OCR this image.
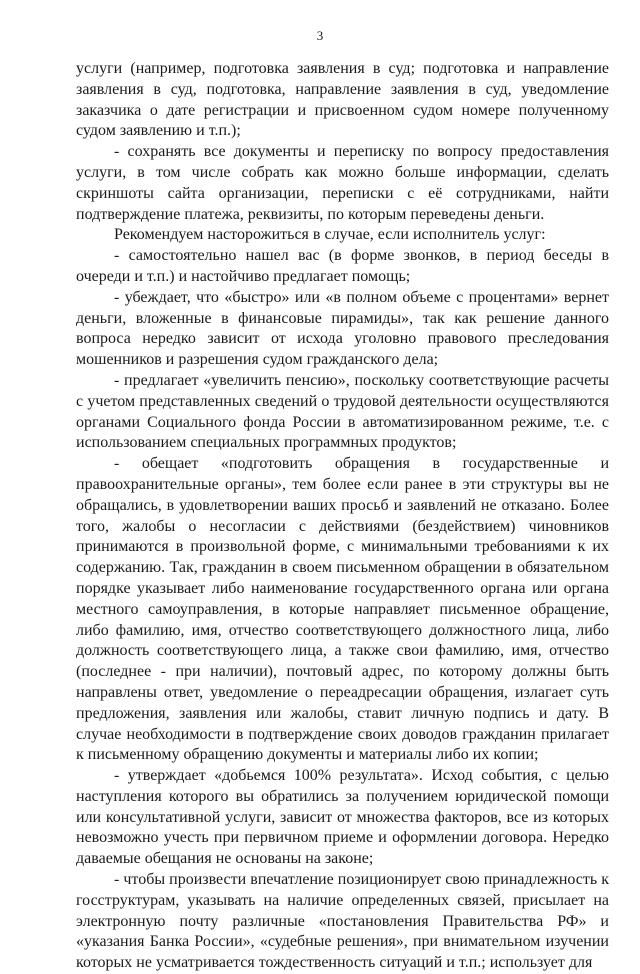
3

услуги (например, подготовка заявления в суд; подготовка и направление заявления в суд, подготовка, направление заявления в суд, уведомление заказчика о дате регистрации и присвоенном судом номере полученному судом заявлению и т.п.);

- сохранять все документы и переписку по вопросу предоставления услуги, в том числе собрать как можно больше информации, сделать скриншоты сайта организации, переписки с её сотрудниками, найти подтверждение платежа, реквизиты, по которым переведены деньги.

Рекомендуем насторожиться в случае, если исполнитель услуг:

- самостоятельно нашел вас (в форме звонков, в период беседы в очереди и т.п.) и настойчиво предлагает помощь;

- убеждает, что «быстро» или «в полном объеме с процентами» вернет деньги, вложенные в финансовые пирамиды», так как решение данного вопроса нередко зависит от исхода уголовно правового преследования мошенников и разрешения судом гражданского дела;

- предлагает «увеличить пенсию», поскольку соответствующие расчеты с учетом представленных сведений о трудовой деятельности осуществляются органами Социального фонда России в автоматизированном режиме, т.е. с использованием специальных программных продуктов;

- обещает «подготовить обращения в государственные и правоохранительные органы», тем более если ранее в эти структуры вы не обращались, в удовлетворении ваших просьб и заявлений не отказано. Более того, жалобы о несогласии с действиями (бездействием) чиновников принимаются в произвольной форме, с минимальными требованиями к их содержанию. Так, гражданин в своем письменном обращении в обязательном порядке указывает либо наименование государственного органа или органа местного самоуправления, в которые направляет письменное обращение, либо фамилию, имя, отчество соответствующего должностного лица, либо должность соответствующего лица, а также свои фамилию, имя, отчество (последнее - при наличии), почтовый адрес, по которому должны быть направлены ответ, уведомление о переадресации обращения, излагает суть предложения, заявления или жалобы, ставит личную подпись и дату. В случае необходимости в подтверждение своих доводов гражданин прилагает к письменному обращению документы и материалы либо их копии;

- утверждает «добьемся 100% результата». Исход события, с целью наступления которого вы обратились за получением юридической помощи или консультативной услуги, зависит от множества факторов, все из которых невозможно учесть при первичном приеме и оформлении договора. Нередко даваемые обещания не основаны на законе;

- чтобы произвести впечатление позиционирует свою принадлежность к госструктурам, указывать на наличие определенных связей, присылает на электронную почту различные «постановления Правительства РФ» и «указания Банка России», «судебные решения», при внимательном изучении которых не усматривается тождественность ситуаций и т.п.; использует для
